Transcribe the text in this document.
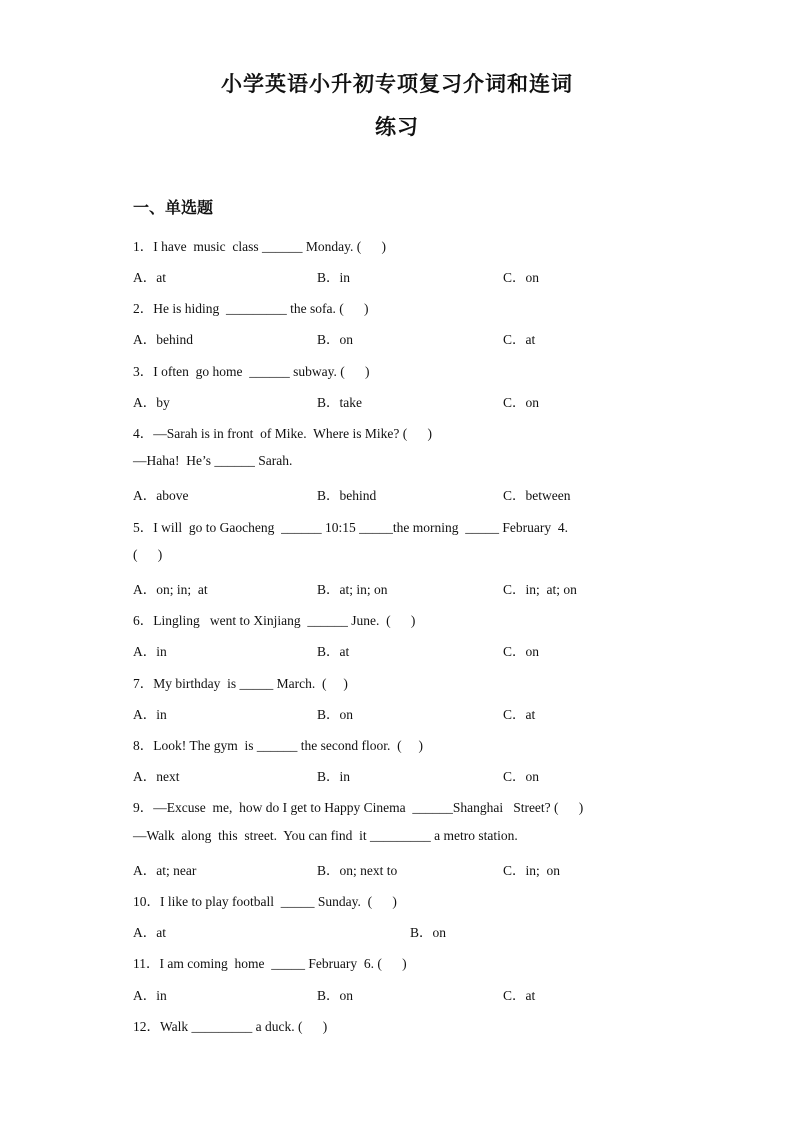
小学英语小升初专项复习介词和连词
练习
一、单选题
1．I have  music  class ______ Monday. (      )
A．at	B．in	C．on
2．He is hiding  _________ the sofa. (      )
A．behind	B．on	C．at
3．I often  go home  ______ subway. (      )
A．by	B．take	C．on
4．—Sarah is in front  of Mike.  Where is Mike? (      )
—Haha!  He’s ______ Sarah.
A．above	B．behind	C．between
5．I will  go to Gaocheng  ______ 10:15 _____the morning  _____ February  4.
(      )
A．on; in;  at	B．at; in; on	C．in;  at; on
6．Lingling   went to Xinjiang  ______ June.  (      )
A．in	B．at	C．on
7．My birthday  is _____ March.  (     )
A．in	B．on	C．at
8．Look! The gym  is ______ the second floor.  (     )
A．next	B．in	C．on
9．—Excuse  me,  how do I get to Happy Cinema  ______Shanghai   Street? (      )
—Walk  along  this  street.  You can find  it _________ a metro station.
A．at; near	B．on; next to	C．in;  on
10．I like to play football  _____ Sunday.  (      )
A．at	B．on
11．I am coming  home  _____ February  6. (      )
A．in	B．on	C．at
12．Walk _________ a duck. (      )
